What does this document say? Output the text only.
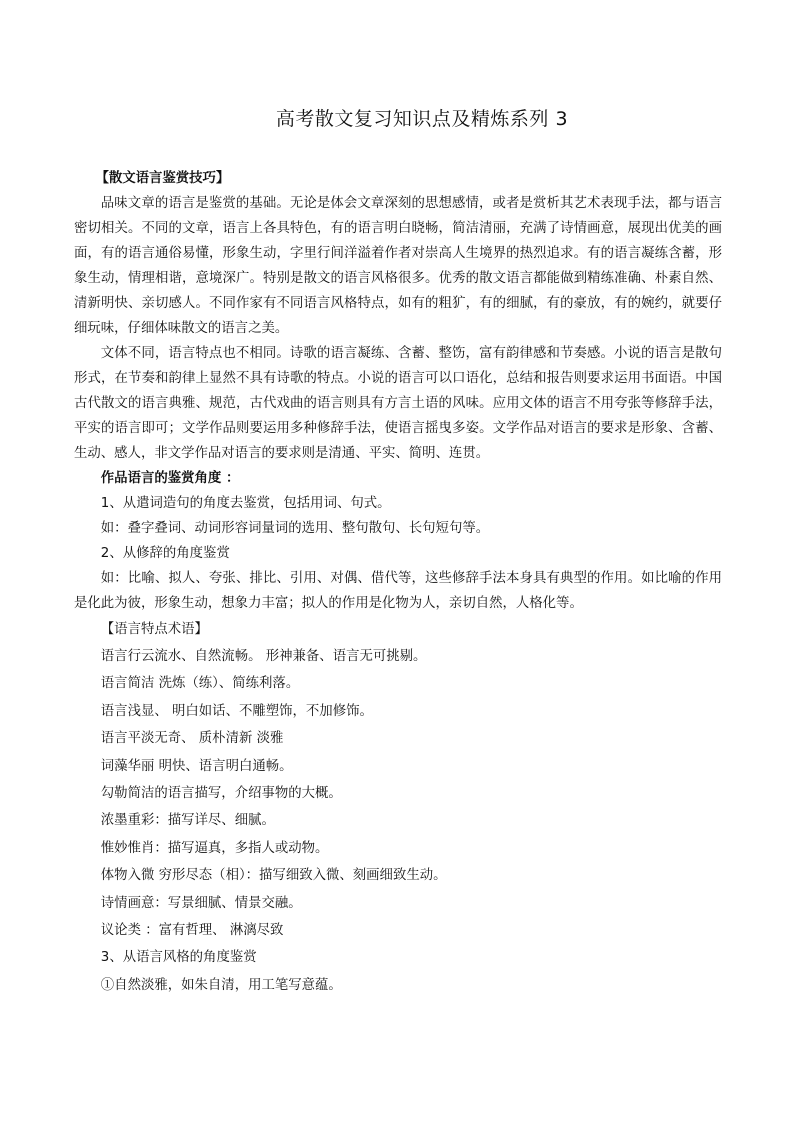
高考散文复习知识点及精炼系列 3

【散文语言鉴赏技巧】

品味文章的语言是鉴赏的基础。无论是体会文章深刻的思想感情，或者是赏析其艺术表现手法，都与语言密切相关。不同的文章，语言上各具特色，有的语言明白晓畅，简洁清丽，充满了诗情画意，展现出优美的画面，有的语言通俗易懂，形象生动，字里行间洋溢着作者对崇高人生境界的热烈追求。有的语言凝练含蓄，形象生动，情理相谐，意境深广。特别是散文的语言风格很多。优秀的散文语言都能做到精练准确、朴素自然、清新明快、亲切感人。不同作家有不同语言风格特点，如有的粗犷，有的细腻，有的豪放，有的婉约，就要仔细玩味，仔细体味散文的语言之美。

文体不同，语言特点也不相同。诗歌的语言凝练、含蓄、整饬，富有韵律感和节奏感。小说的语言是散句形式，在节奏和韵律上显然不具有诗歌的特点。小说的语言可以口语化，总结和报告则要求运用书面语。中国古代散文的语言典雅、规范，古代戏曲的语言则具有方言土语的风味。应用文体的语言不用夸张等修辞手法，平实的语言即可；文学作品则要运用多种修辞手法，使语言摇曳多姿。文学作品对语言的要求是形象、含蓄、生动、感人，非文学作品对语言的要求则是清通、平实、简明、连贯。

作品语言的鉴赏角度 ：

1、从遣词造句的角度去鉴赏，包括用词、句式。

如：叠字叠词、动词形容词量词的选用、整句散句、长句短句等。

2、从修辞的角度鉴赏

如：比喻、拟人、夸张、排比、引用、对偶、借代等，这些修辞手法本身具有典型的作用。如比喻的作用是化此为彼，形象生动，想象力丰富；拟人的作用是化物为人，亲切自然，人格化等。

【语言特点术语】

语言行云流水、自然流畅。 形神兼备、语言无可挑剔。

语言简洁 洗炼（练）、简练利落。

语言浅显、 明白如话、不雕塑饰，不加修饰。

语言平淡无奇、 质朴清新 淡雅

词藻华丽 明快、语言明白通畅。

勾勒简洁的语言描写，介绍事物的大概。

浓墨重彩：描写详尽、细腻。

惟妙惟肖：描写逼真，多指人或动物。

体物入微 穷形尽态（相）：描写细致入微、刻画细致生动。

诗情画意：写景细腻、情景交融。

议论类 ：富有哲理、 淋漓尽致

3、从语言风格的角度鉴赏

①自然淡雅，如朱自清，用工笔写意蕴。
